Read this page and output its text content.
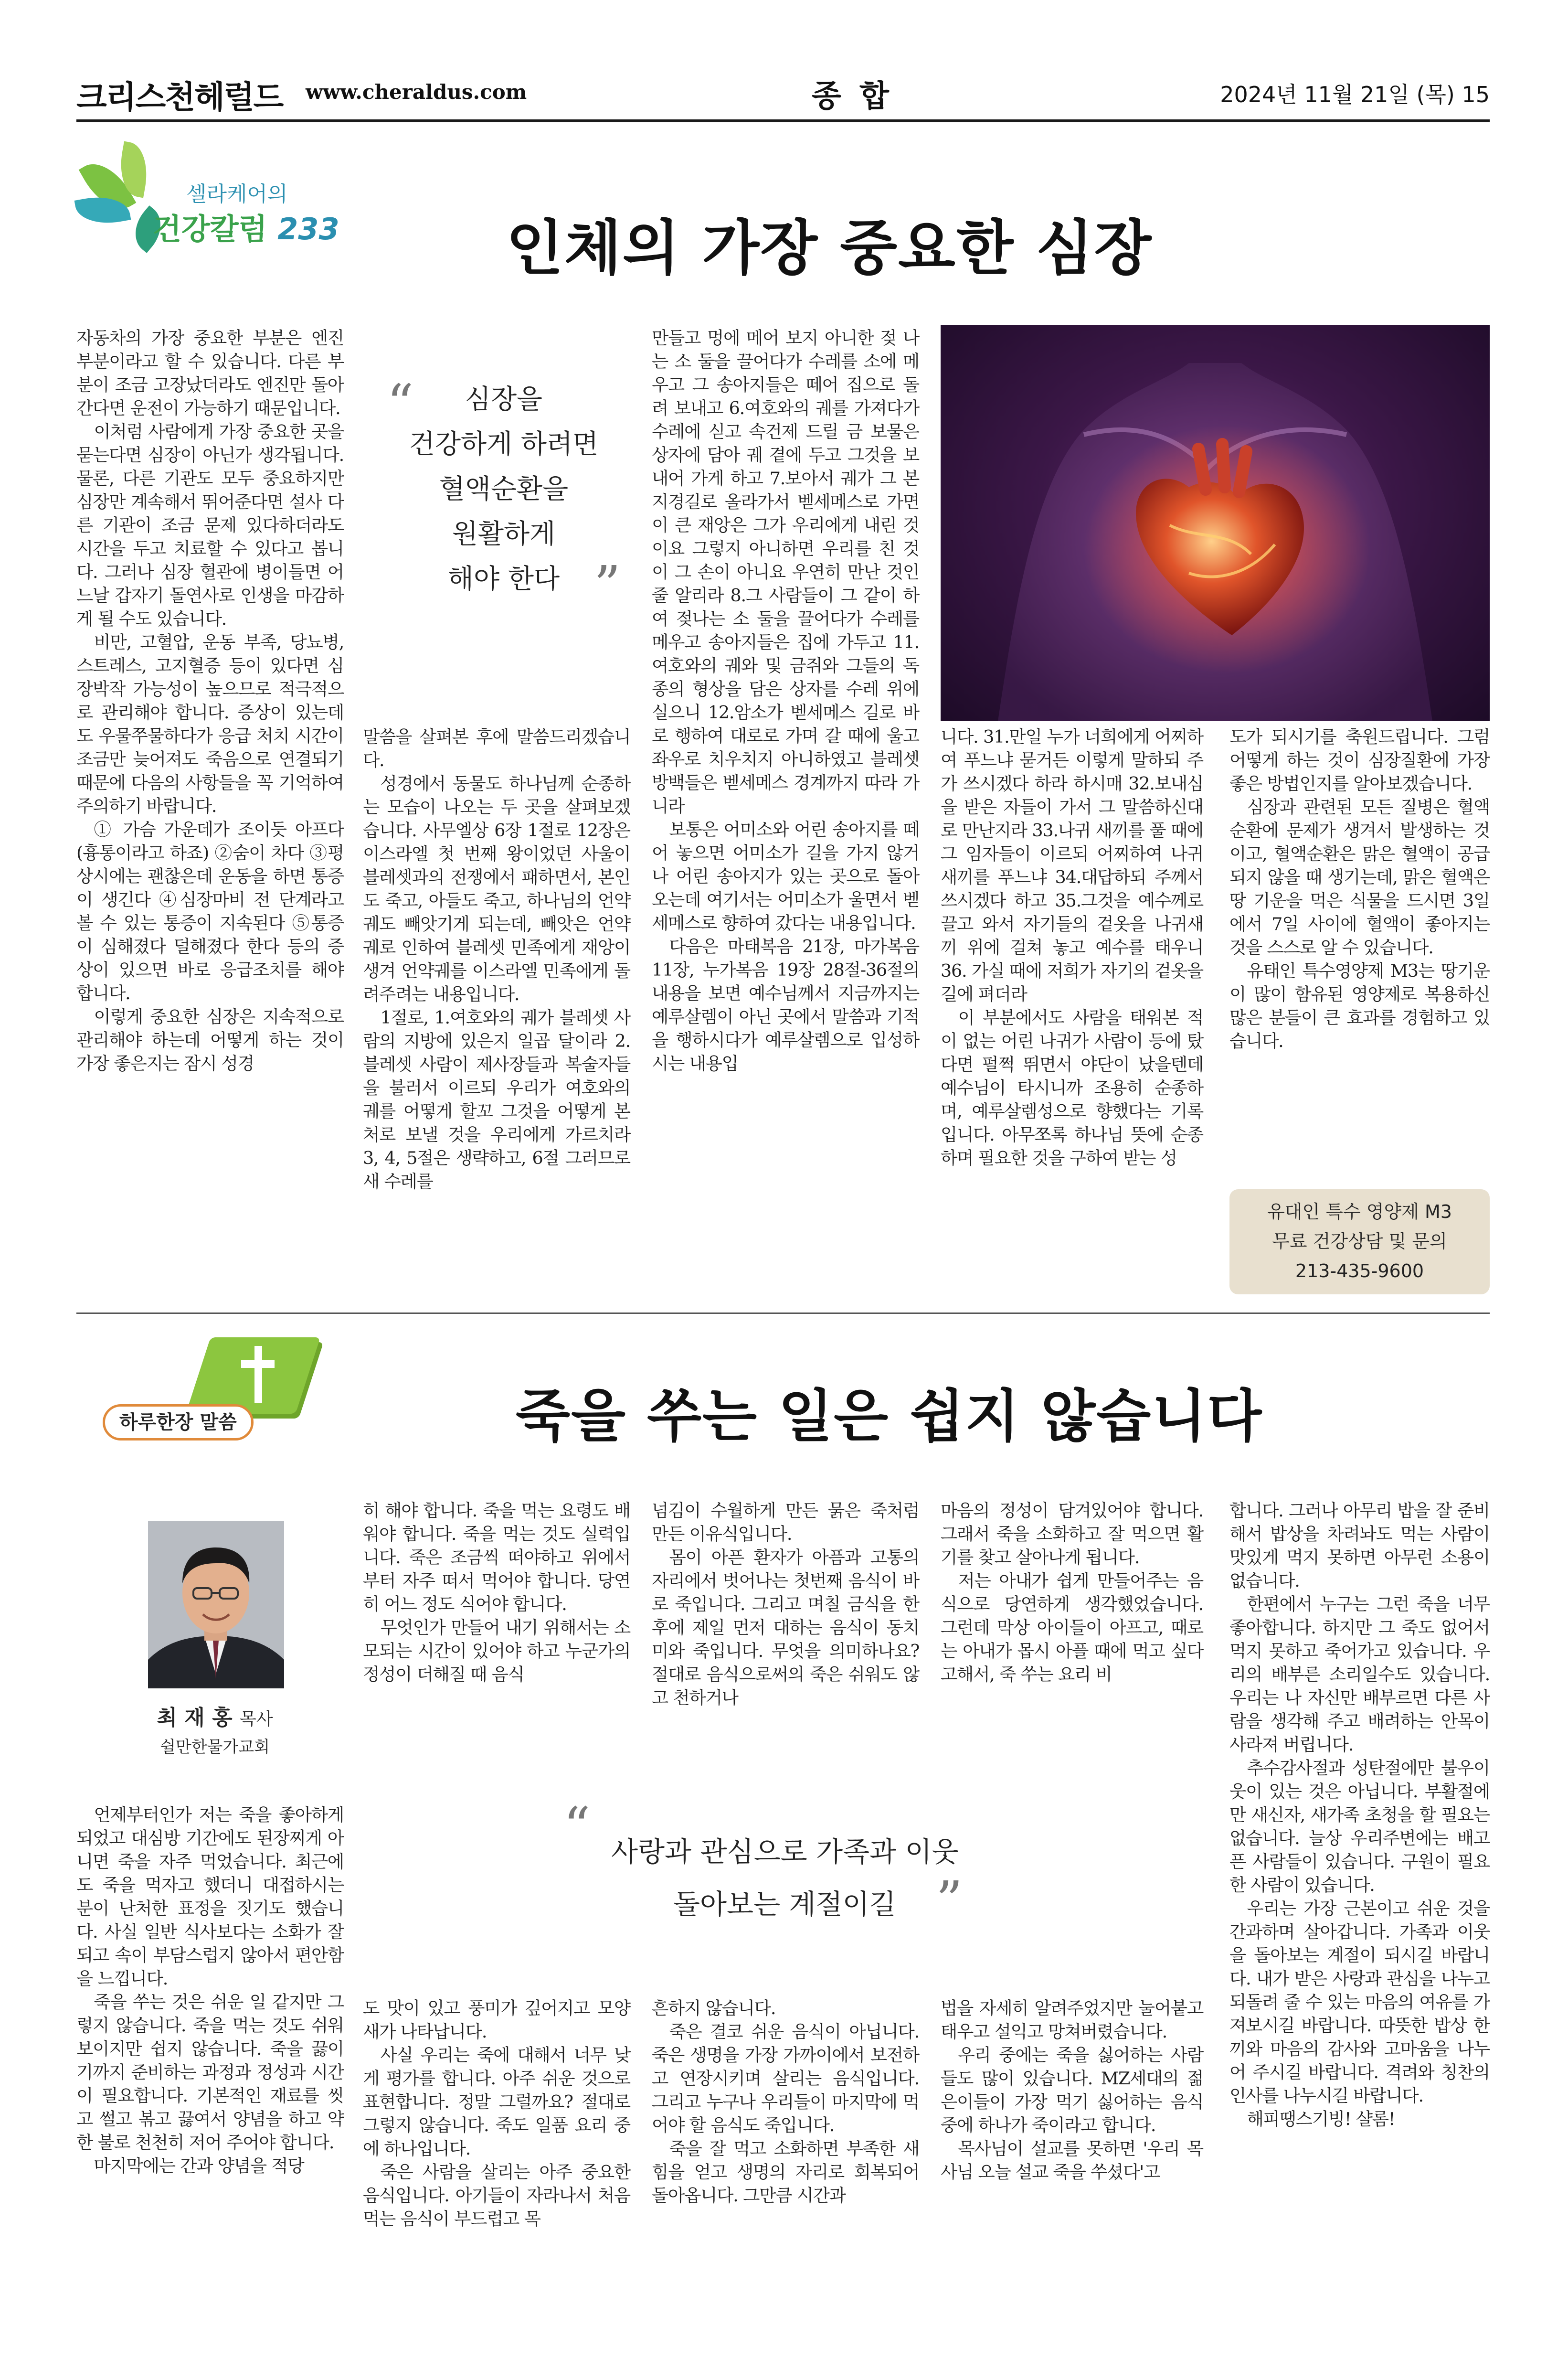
크리스천헤럴드 www.cheraldus.com	종 합	2024년 11월 21일 (목) 15
셀라케어의
건강칼럼 233	인체의 가장 중요한 심장

자동차의 가장 중요한 부분은 엔진 부분이라고 할 수 있습니다. 다른 부분이 조금 고장났더라도 엔진만 돌아간다면 운전이 가능하기 때문입니다.

이처럼 사람에게 가장 중요한 곳을 묻는다면 심장이 아닌가 생각됩니다. 물론, 다른 기관도 모두 중요하지만 심장만 계속해서 뛰어준다면 설사 다른 기관이 조금 문제 있다하더라도 시간을 두고 치료할 수 있다고 봅니다. 그러나 심장 혈관에 병이들면 어느날 갑자기 돌연사로 인생을 마감하게 될 수도 있습니다.

비만, 고혈압, 운동 부족, 당뇨병, 스트레스, 고지혈증 등이 있다면 심장박작 가능성이 높으므로 적극적으로 관리해야 합니다. 증상이 있는데도 우물쭈물하다가 응급 처치 시간이 조금만 늦어져도 죽음으로 연결되기 때문에 다음의 사항들을 꼭 기억하여 주의하기 바랍니다.

① 가슴 가운데가 조이듯 아프다(흉통이라고 하죠) ②숨이 차다 ③평상시에는 괜찮은데 운동을 하면 통증이 생긴다 ④심장마비 전 단계라고 볼 수 있는 통증이 지속된다 ⑤통증이 심해졌다 덜해졌다 한다 등의 증상이 있으면 바로 응급조치를 해야 합니다.

이렇게 중요한 심장은 지속적으로 관리해야 하는데 어떻게 하는 것이 가장 좋은지는 잠시 성경

“	심장을
건강하게 하려면
혈액순환을
원활하게
해야 한다 ”

말씀을 살펴본 후에 말씀드리겠습니다.

성경에서 동물도 하나님께 순종하는 모습이 나오는 두 곳을 살펴보겠습니다. 사무엘상 6장 1절로 12장은 이스라엘 첫 번째 왕이었던 사울이 블레셋과의 전쟁에서 패하면서, 본인도 죽고, 아들도 죽고, 하나님의 언약궤도 빼앗기게 되는데, 빼앗은 언약궤로 인하여 블레셋 민족에게 재앙이 생겨 언약궤를 이스라엘 민족에게 돌려주려는 내용입니다.

1절로, 1.여호와의 궤가 블레셋 사람의 지방에 있은지 일곱 달이라 2.블레셋 사람이 제사장들과 복술자들을 불러서 이르되 우리가 여호와의 궤를 어떻게 할꼬 그것을 어떻게 본처로 보낼 것을 우리에게 가르치라 3, 4, 5절은 생략하고, 6절 그러므로 새 수레를

만들고 멍에 메어 보지 아니한 젖 나는 소 둘을 끌어다가 수레를 소에 메우고 그 송아지들은 떼어 집으로 돌려 보내고 6.여호와의 궤를 가져다가 수레에 싣고 속건제 드릴 금 보물은 상자에 담아 궤 곁에 두고 그것을 보내어 가게 하고 7.보아서 궤가 그 본 지경길로 올라가서 벧세메스로 가면 이 큰 재앙은 그가 우리에게 내린 것이요 그렇지 아니하면 우리를 친 것이 그 손이 아니요 우연히 만난 것인 줄 알리라 8.그 사람들이 그 같이 하여 젖나는 소 둘을 끌어다가 수레를 메우고 송아지들은 집에 가두고 11.여호와의 궤와 및 금쥐와 그들의 독종의 형상을 담은 상자를 수레 위에 실으니 12.암소가 벧세메스 길로 바로 행하여 대로로 가며 갈 때에 울고 좌우로 치우치지 아니하였고 블레셋 방백들은 벧세메스 경계까지 따라 가니라

보통은 어미소와 어린 송아지를 떼어 놓으면 어미소가 길을 가지 않거나 어린 송아지가 있는 곳으로 돌아오는데 여기서는 어미소가 울면서 벧세메스로 향하여 갔다는 내용입니다.

다음은 마태복음 21장, 마가복음 11장, 누가복음 19장 28절-36절의 내용을 보면 예수님께서 지금까지는 예루살렘이 아닌 곳에서 말씀과 기적을 행하시다가 예루살렘으로 입성하시는 내용입

니다. 31.만일 누가 너희에게 어찌하여 푸느냐 묻거든 이렇게 말하되 주가 쓰시겠다 하라 하시매 32.보내심을 받은 자들이 가서 그 말씀하신대로 만난지라 33.나귀 새끼를 풀 때에 그 임자들이 이르되 어찌하여 나귀새끼를 푸느냐 34.대답하되 주께서 쓰시겠다 하고 35.그것을 예수께로 끌고 와서 자기들의 겉옷을 나귀새끼 위에 걸쳐 놓고 예수를 태우니 36. 가실 때에 저희가 자기의 겉옷을 길에 펴더라

이 부분에서도 사람을 태워본 적이 없는 어린 나귀가 사람이 등에 탔다면 펄쩍 뛰면서 야단이 났을텐데 예수님이 타시니까 조용히 순종하며, 예루살렘성으로 향했다는 기록입니다. 아무쪼록 하나님 뜻에 순종하며 필요한 것을 구하여 받는 성

도가 되시기를 축원드립니다. 그럼 어떻게 하는 것이 심장질환에 가장 좋은 방법인지를 알아보겠습니다.

심장과 관련된 모든 질병은 혈액순환에 문제가 생겨서 발생하는 것이고, 혈액순환은 맑은 혈액이 공급되지 않을 때 생기는데, 맑은 혈액은 땅 기운을 먹은 식물을 드시면 3일에서 7일 사이에 혈액이 좋아지는 것을 스스로 알 수 있습니다.

유태인 특수영양제 M3는 땅기운이 많이 함유된 영양제로 복용하신 많은 분들이 큰 효과를 경험하고 있습니다.

유대인 특수 영양제 M3
무료 건강상담 및 문의
213-435-9600
하루한장 말씀	죽을 쑤는 일은 쉽지 않습니다
최 재 홍 목사
쉴만한물가교회

언제부터인가 저는 죽을 좋아하게 되었고 대심방 기간에도 된장찌게 아니면 죽을 자주 먹었습니다. 최근에도 죽을 먹자고 했더니 대접하시는 분이 난처한 표정을 짓기도 했습니다. 사실 일반 식사보다는 소화가 잘되고 속이 부담스럽지 않아서 편안함을 느낍니다.

죽을 쑤는 것은 쉬운 일 같지만 그렇지 않습니다. 죽을 먹는 것도 쉬워 보이지만 쉽지 않습니다. 죽을 끓이기까지 준비하는 과정과 정성과 시간이 필요합니다. 기본적인 재료를 씻고 썰고 볶고 끓여서 양념을 하고 약한 불로 천천히 저어 주어야 합니다.

마지막에는 간과 양념을 적당

히 해야 합니다. 죽을 먹는 요령도 배워야 합니다. 죽을 먹는 것도 실력입니다. 죽은 조금씩 떠야하고 위에서부터 자주 떠서 먹어야 합니다. 당연히 어느 정도 식어야 합니다.

무엇인가 만들어 내기 위해서는 소모되는 시간이 있어야 하고 누군가의 정성이 더해질 때 음식

도 맛이 있고 풍미가 깊어지고 모양새가 나타납니다.

사실 우리는 죽에 대해서 너무 낮게 평가를 합니다. 아주 쉬운 것으로 표현합니다. 정말 그럴까요? 절대로 그렇지 않습니다. 죽도 일품 요리 중에 하나입니다.

죽은 사람을 살리는 아주 중요한 음식입니다. 아기들이 자라나서 처음 먹는 음식이 부드럽고 목

넘김이 수월하게 만든 묽은 죽처럼 만든 이유식입니다.

몸이 아픈 환자가 아픔과 고통의 자리에서 벗어나는 첫번째 음식이 바로 죽입니다. 그리고 며칠 금식을 한 후에 제일 먼저 대하는 음식이 동치미와 죽입니다. 무엇을 의미하나요? 절대로 음식으로써의 죽은 쉬워도 않고 천하거나

흔하지 않습니다.

죽은 결코 쉬운 음식이 아닙니다. 죽은 생명을 가장 가까이에서 보전하고 연장시키며 살리는 음식입니다. 그리고 누구나 우리들이 마지막에 먹어야 할 음식도 죽입니다.

죽을 잘 먹고 소화하면 부족한 새 힘을 얻고 생명의 자리로 회복되어 돌아옵니다. 그만큼 시간과

“ 사랑과 관심으로 가족과 이웃
돌아보는 계절이길 ”

마음의 정성이 담겨있어야 합니다. 그래서 죽을 소화하고 잘 먹으면 활기를 찾고 살아나게 됩니다.

저는 아내가 쉽게 만들어주는 음식으로 당연하게 생각했었습니다. 그런데 막상 아이들이 아프고, 때로는 아내가 몹시 아플 때에 먹고 싶다고해서, 죽 쑤는 요리 비

법을 자세히 알려주었지만 눌어붙고 태우고 설익고 망쳐버렸습니다.

우리 중에는 죽을 싫어하는 사람들도 많이 있습니다. MZ세대의 젊은이들이 가장 먹기 싫어하는 음식 중에 하나가 죽이라고 합니다.

목사님이 설교를 못하면 '우리 목사님 오늘 설교 죽을 쑤셨다'고

합니다. 그러나 아무리 밥을 잘 준비해서 밥상을 차려놔도 먹는 사람이 맛있게 먹지 못하면 아무런 소용이 없습니다.

한편에서 누구는 그런 죽을 너무 좋아합니다. 하지만 그 죽도 없어서 먹지 못하고 죽어가고 있습니다. 우리의 배부른 소리일수도 있습니다. 우리는 나 자신만 배부르면 다른 사람을 생각해 주고 배려하는 안목이 사라져 버립니다.

추수감사절과 성탄절에만 불우이웃이 있는 것은 아닙니다. 부활절에만 새신자, 새가족 초청을 할 필요는 없습니다. 늘상 우리주변에는 배고픈 사람들이 있습니다. 구원이 필요한 사람이 있습니다.

우리는 가장 근본이고 쉬운 것을 간과하며 살아갑니다. 가족과 이웃을 돌아보는 계절이 되시길 바랍니다. 내가 받은 사랑과 관심을 나누고 되돌려 줄 수 있는 마음의 여유를 가져보시길 바랍니다. 따뜻한 밥상 한끼와 마음의 감사와 고마움을 나누어 주시길 바랍니다. 격려와 칭찬의 인사를 나누시길 바랍니다.

해피땡스기빙! 샬롬!
